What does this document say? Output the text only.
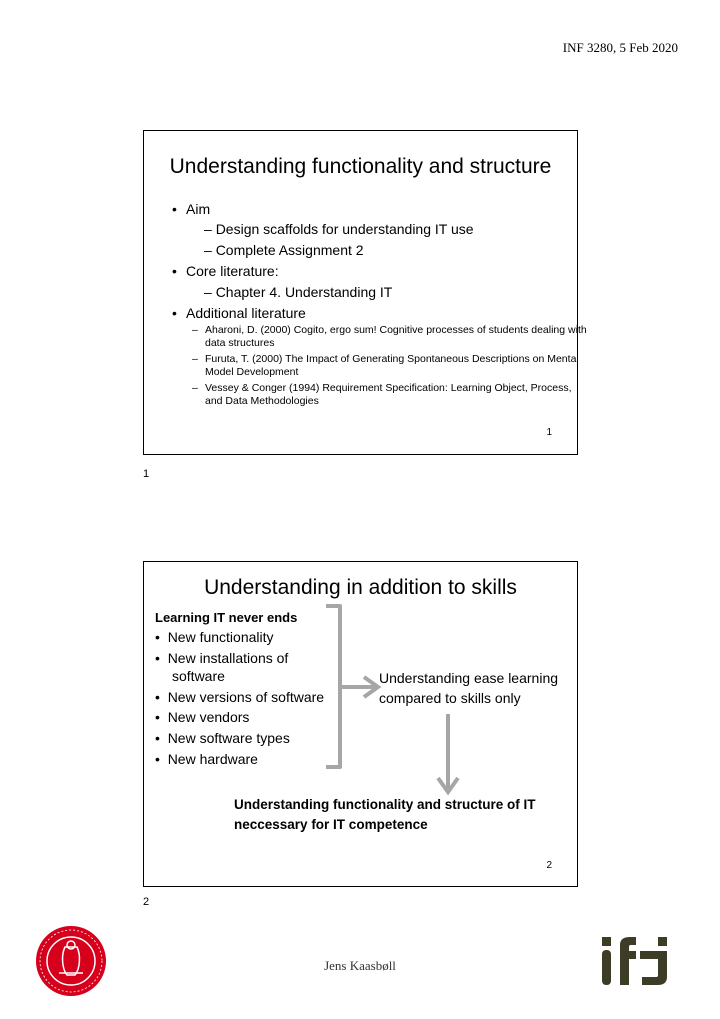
INF 3280, 5 Feb 2020
Understanding functionality and structure
• Aim
– Design scaffolds for understanding IT use
– Complete Assignment 2
• Core literature:
– Chapter 4. Understanding IT
• Additional literature
– Aharoni, D. (2000) Cogito, ergo sum! Cognitive processes of students dealing with data structures
– Furuta, T. (2000) The Impact of Generating Spontaneous Descriptions on Mental Model Development
– Vessey & Conger (1994) Requirement Specification: Learning Object, Process, and Data Methodologies
1
1
Understanding in addition to skills
Learning IT never ends
• New functionality
• New installations of
software
• New versions of software
• New vendors
• New software types
• New hardware
Understanding ease learning
compared to skills only
Understanding functionality and structure of IT
neccessary for IT competence
2
2
Jens Kaasbøll
